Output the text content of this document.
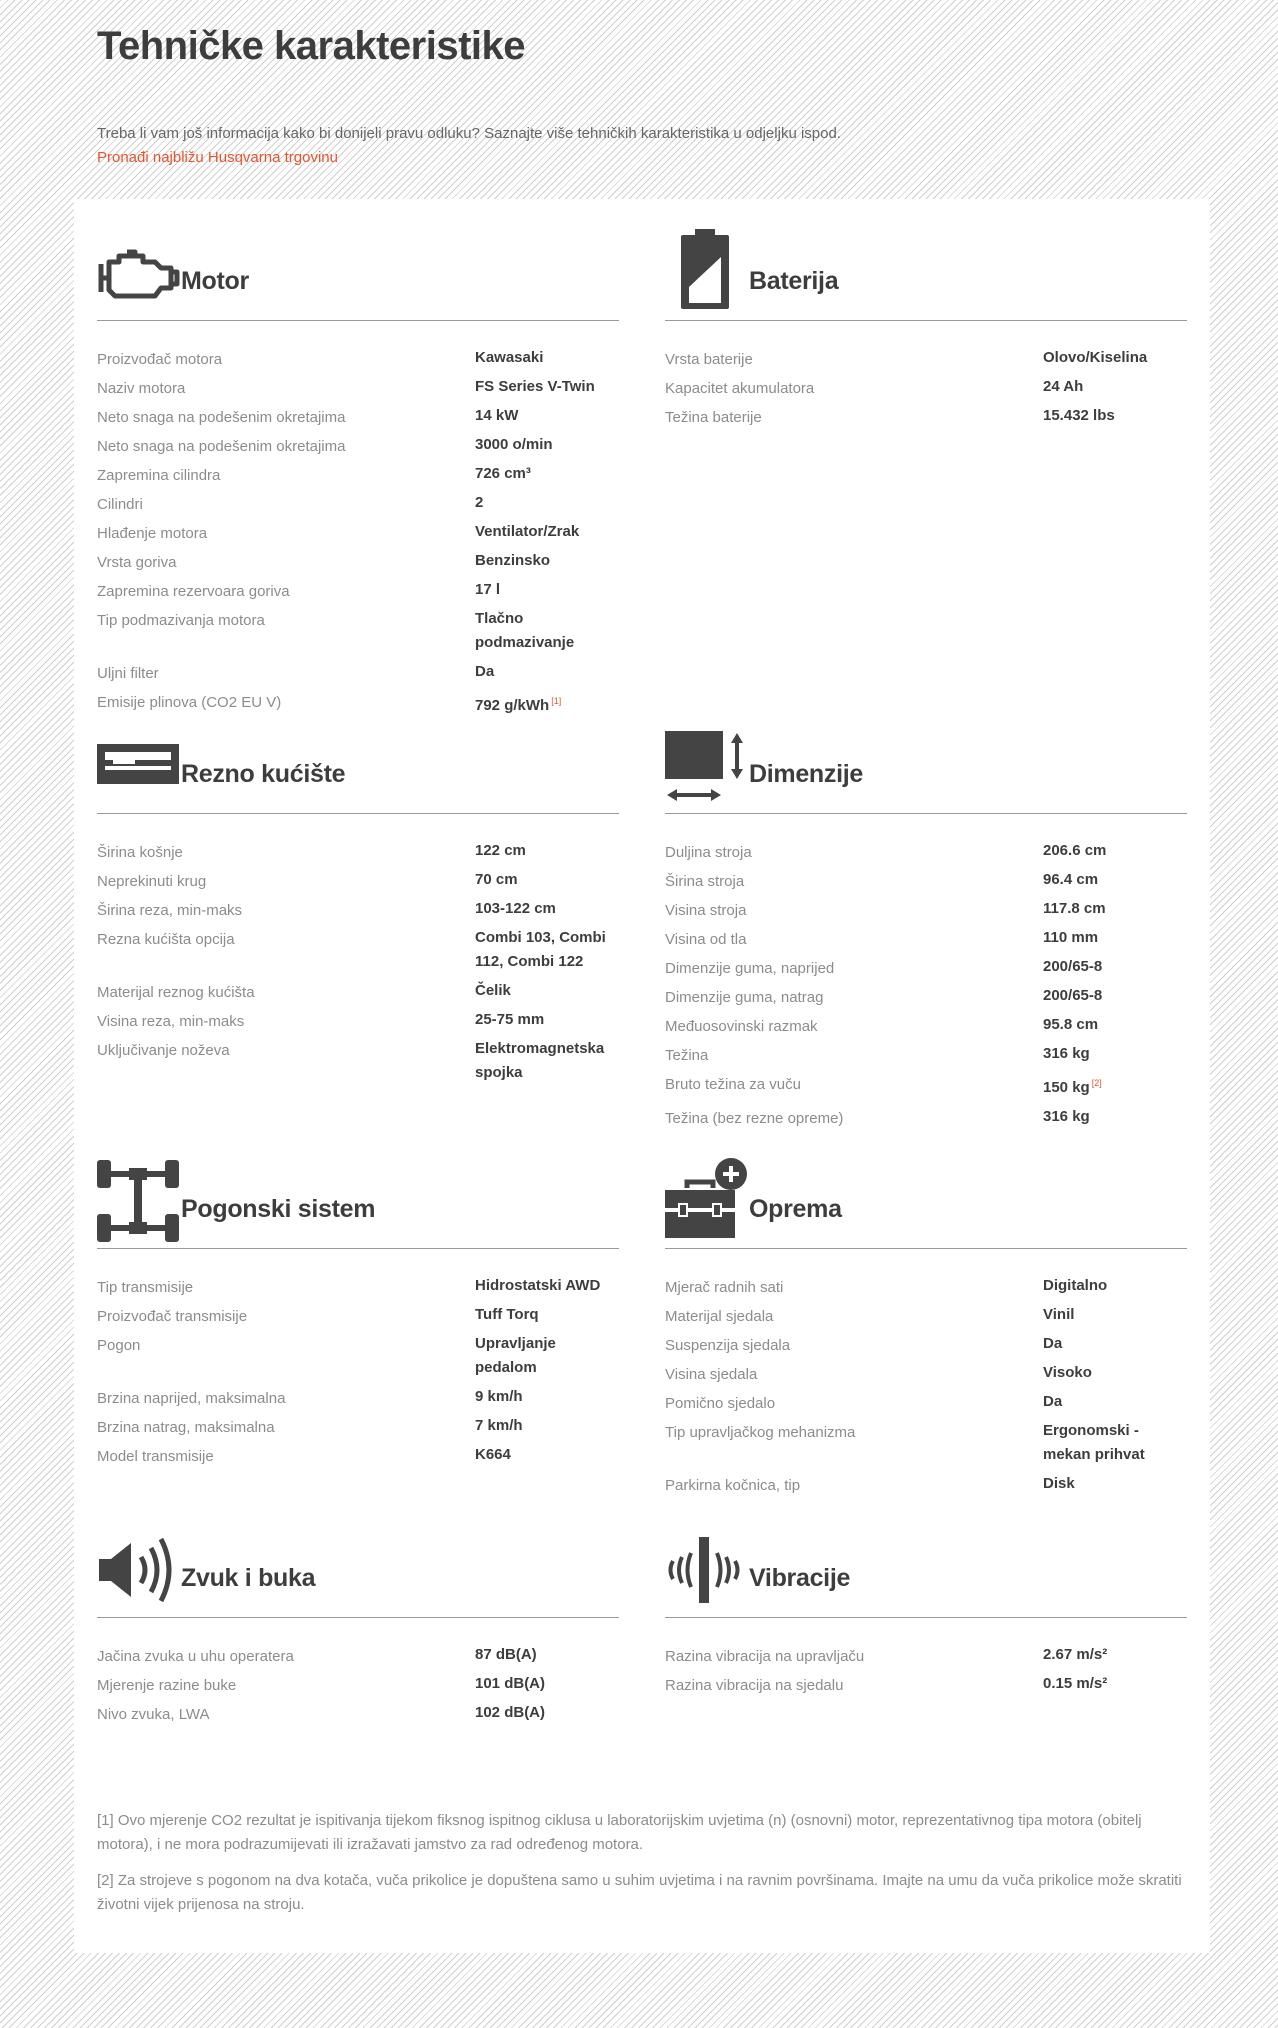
Tehničke karakteristike
Treba li vam još informacija kako bi donijeli pravu odluku? Saznajte više tehničkih karakteristika u odjeljku ispod.
Pronađi najbližu Husqvarna trgovinu
Motor
Proizvođač motora	Kawasaki
Naziv motora	FS Series V-Twin
Neto snaga na podešenim okretajima	14 kW
Neto snaga na podešenim okretajima	3000 o/min
Zapremina cilindra	726 cm³
Cilindri	2
Hlađenje motora	Ventilator/Zrak
Vrsta goriva	Benzinsko
Zapremina rezervoara goriva	17 l
Tip podmazivanja motora	Tlačno podmazivanje
Uljni filter	Da
Emisije plinova (CO2 EU V)	792 g/kWh [1]
Baterija
Vrsta baterije	Olovo/Kiselina
Kapacitet akumulatora	24 Ah
Težina baterije	15.432 lbs
Rezno kućište
Širina košnje	122 cm
Neprekinuti krug	70 cm
Širina reza, min-maks	103-122 cm
Rezna kućišta opcija	Combi 103, Combi 112, Combi 122
Materijal reznog kućišta	Čelik
Visina reza, min-maks	25-75 mm
Uključivanje noževa	Elektromagnetska spojka
Dimenzije
Duljina stroja	206.6 cm
Širina stroja	96.4 cm
Visina stroja	117.8 cm
Visina od tla	110 mm
Dimenzije guma, naprijed	200/65-8
Dimenzije guma, natrag	200/65-8
Međuosovinski razmak	95.8 cm
Težina	316 kg
Bruto težina za vuču	150 kg [2]
Težina (bez rezne opreme)	316 kg
Pogonski sistem
Tip transmisije	Hidrostatski AWD
Proizvođač transmisije	Tuff Torq
Pogon	Upravljanje pedalom
Brzina naprijed, maksimalna	9 km/h
Brzina natrag, maksimalna	7 km/h
Model transmisije	K664
Oprema
Mjerač radnih sati	Digitalno
Materijal sjedala	Vinil
Suspenzija sjedala	Da
Visina sjedala	Visoko
Pomično sjedalo	Da
Tip upravljačkog mehanizma	Ergonomski - mekan prihvat
Parkirna kočnica, tip	Disk
Zvuk i buka
Jačina zvuka u uhu operatera	87 dB(A)
Mjerenje razine buke	101 dB(A)
Nivo zvuka, LWA	102 dB(A)
Vibracije
Razina vibracija na upravljaču	2.67 m/s²
Razina vibracija na sjedalu	0.15 m/s²

[1] Ovo mjerenje CO2 rezultat je ispitivanja tijekom fiksnog ispitnog ciklusa u laboratorijskim uvjetima (n) (osnovni) motor, reprezentativnog tipa motora (obitelj motora), i ne mora podrazumijevati ili izražavati jamstvo za rad određenog motora.

[2] Za strojeve s pogonom na dva kotača, vuča prikolice je dopuštena samo u suhim uvjetima i na ravnim površinama. Imajte na umu da vuča prikolice može skratiti životni vijek prijenosa na stroju.
